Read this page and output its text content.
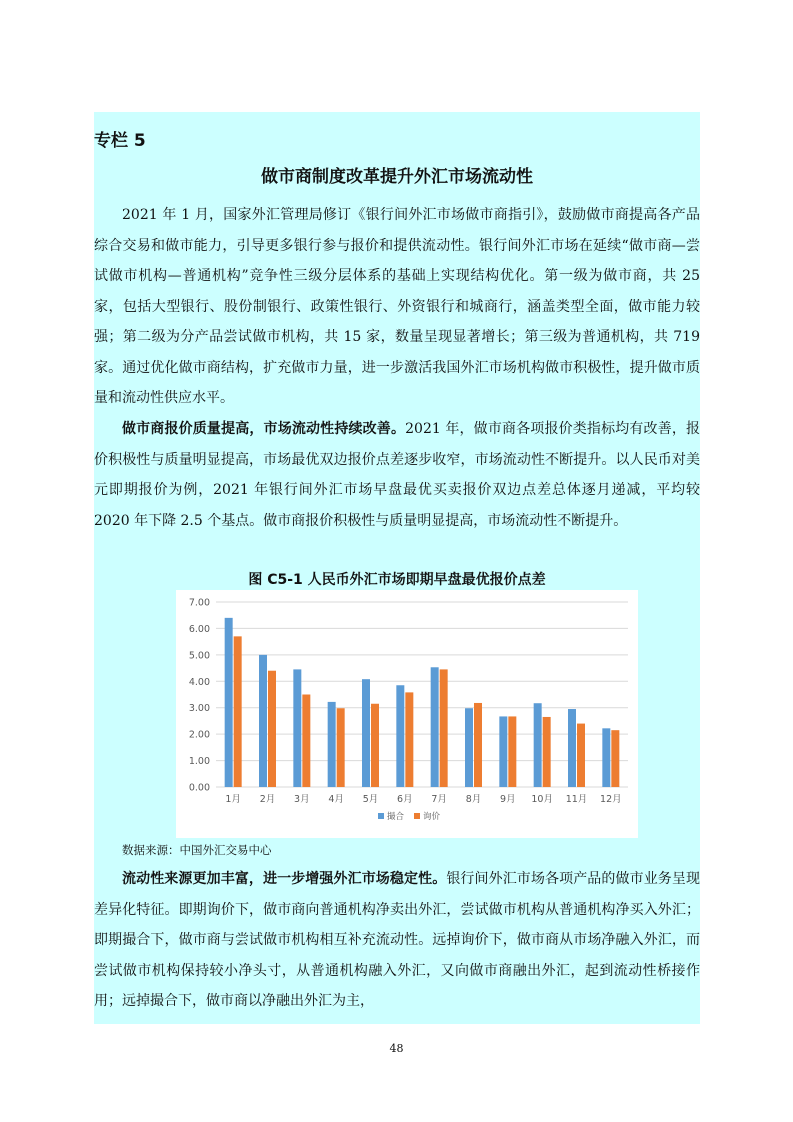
专栏 5
做市商制度改革提升外汇市场流动性

2021 年 1 月，国家外汇管理局修订《银行间外汇市场做市商指引》，鼓励做市商提高各产品综合交易和做市能力，引导更多银行参与报价和提供流动性。银行间外汇市场在延续“做市商—尝试做市机构—普通机构”竞争性三级分层体系的基础上实现结构优化。第一级为做市商，共 25 家，包括大型银行、股份制银行、政策性银行、外资银行和城商行，涵盖类型全面，做市能力较强；第二级为分产品尝试做市机构，共 15 家，数量呈现显著增长；第三级为普通机构，共 719 家。通过优化做市商结构，扩充做市力量，进一步激活我国外汇市场机构做市积极性，提升做市质量和流动性供应水平。

做市商报价质量提高，市场流动性持续改善。2021 年，做市商各项报价类指标均有改善，报价积极性与质量明显提高，市场最优双边报价点差逐步收窄，市场流动性不断提升。以人民币对美元即期报价为例，2021 年银行间外汇市场早盘最优买卖报价双边点差总体逐月递减，平均较 2020 年下降 2.5 个基点。做市商报价积极性与质量明显提高，市场流动性不断提升。

图 C5-1 人民币外汇市场即期早盘最优报价点差
0.00
1.00
2.00
3.00
4.00
5.00
6.00
7.00
1月 2月 3月 4月 5月 6月 7月 8月 9月 10月 11月 12月
撮合 询价
数据来源：中国外汇交易中心

流动性来源更加丰富，进一步增强外汇市场稳定性。银行间外汇市场各项产品的做市业务呈现差异化特征。即期询价下，做市商向普通机构净卖出外汇，尝试做市机构从普通机构净买入外汇；即期撮合下，做市商与尝试做市机构相互补充流动性。远掉询价下，做市商从市场净融入外汇，而尝试做市机构保持较小净头寸，从普通机构融入外汇，又向做市商融出外汇，起到流动性桥接作用；远掉撮合下，做市商以净融出外汇为主，

48
